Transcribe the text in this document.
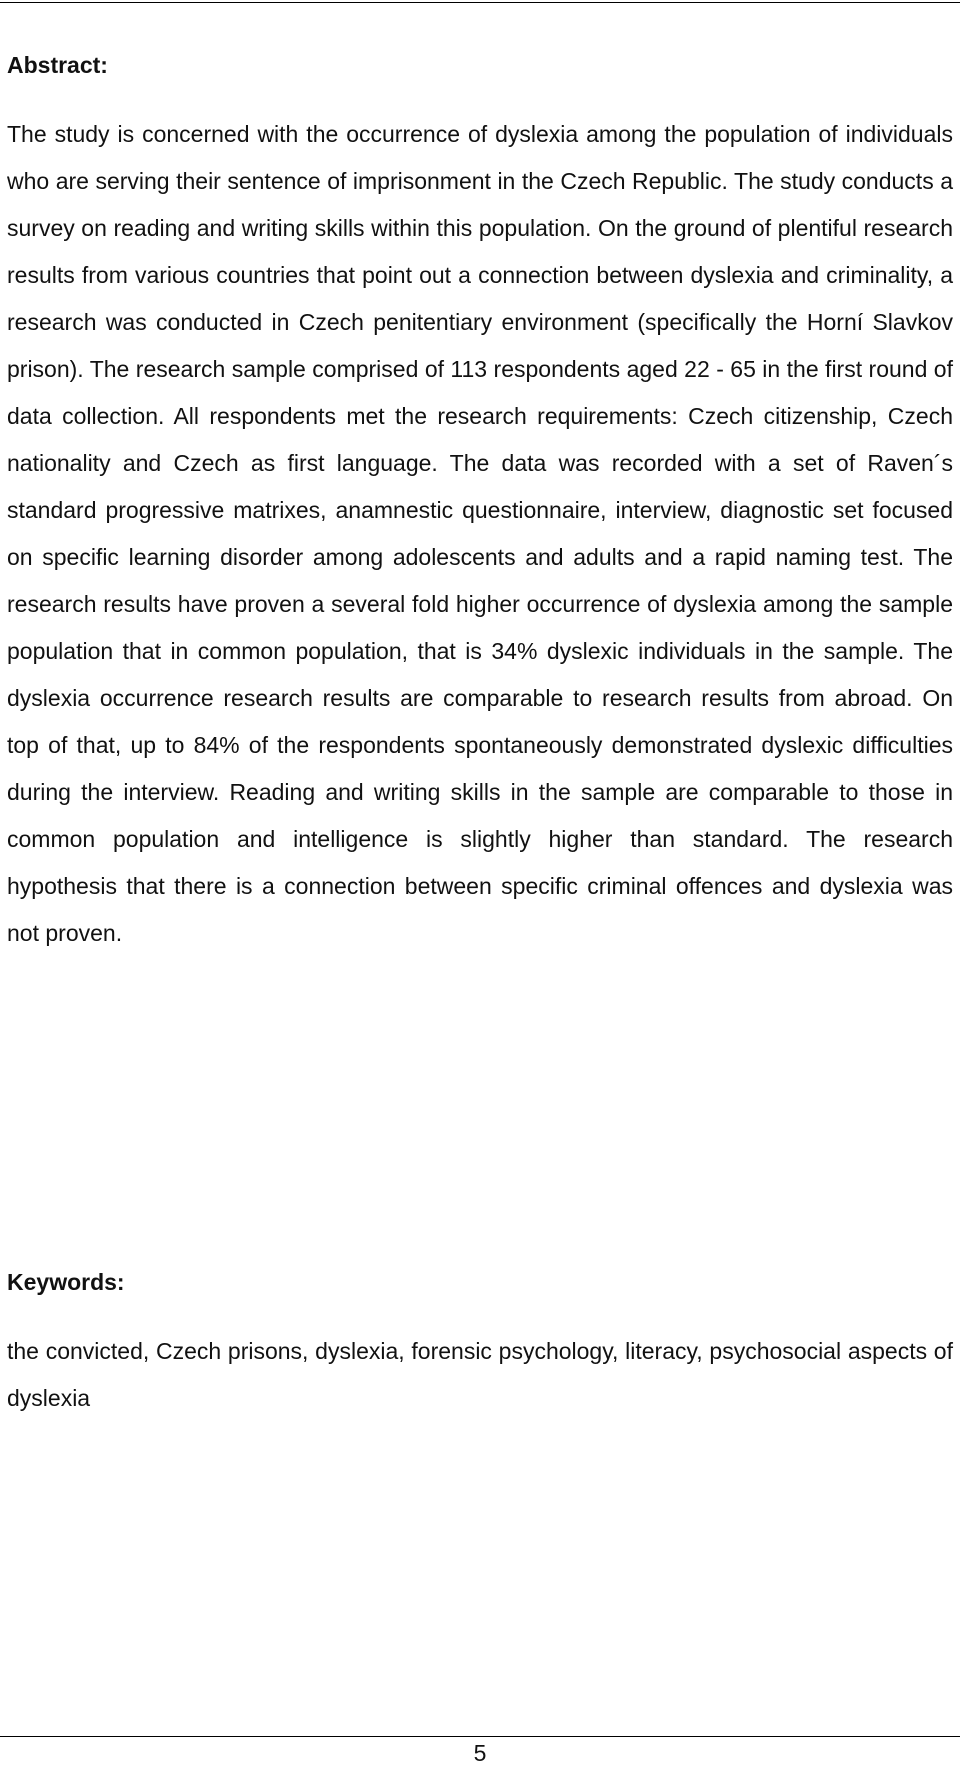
Abstract:

The study is concerned with the occurrence of dyslexia among the population of individuals who are serving their sentence of imprisonment in the Czech Republic. The study conducts a survey on reading and writing skills within this population. On the ground of plentiful research results from various countries that point out a connection between dyslexia and criminality, a research was conducted in Czech penitentiary environment (specifically the Horní Slavkov prison). The research sample comprised of 113 respondents aged 22 - 65 in the first round of data collection. All respondents met the research requirements: Czech citizenship, Czech nationality and Czech as first language. The data was recorded with a set of Raven´s standard progressive matrixes, anamnestic questionnaire, interview, diagnostic set focused on specific learning disorder among adolescents and adults and a rapid naming test. The research results have proven a several fold higher occurrence of dyslexia among the sample population that in common population, that is 34% dyslexic individuals in the sample. The dyslexia occurrence research results are comparable to research results from abroad. On top of that, up to 84% of the respondents spontaneously demonstrated dyslexic difficulties during the interview. Reading and writing skills in the sample are comparable to those in common population and intelligence is slightly higher than standard. The research hypothesis that there is a connection between specific criminal offences and dyslexia was not proven.

Keywords:

the convicted, Czech prisons, dyslexia, forensic psychology, literacy, psychosocial aspects of dyslexia

5
